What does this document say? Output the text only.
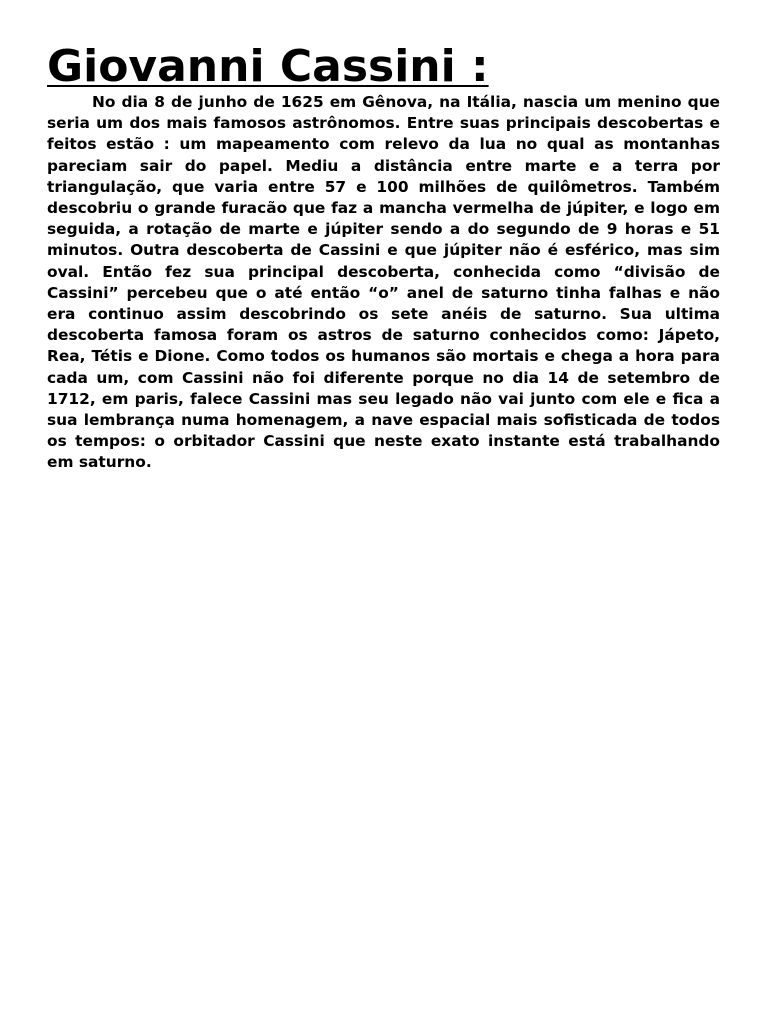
Giovanni Cassini :

No dia 8 de junho de 1625 em Gênova, na Itália, nascia um menino que seria um dos mais famosos astrônomos. Entre suas principais descobertas e feitos estão : um mapeamento com relevo da lua no qual as montanhas pareciam sair do papel. Mediu a distância entre marte e a terra por triangulação, que varia entre 57 e 100 milhões de quilômetros. Também descobriu o grande furacão que faz a mancha vermelha de júpiter, e logo em seguida, a rotação de marte e júpiter sendo a do segundo de 9 horas e 51 minutos. Outra descoberta de Cassini e que júpiter não é esférico, mas sim oval. Então fez sua principal descoberta, conhecida como “divisão de Cassini” percebeu que o até então “o” anel de saturno tinha falhas e não era continuo assim descobrindo os sete anéis de saturno. Sua ultima descoberta famosa foram os astros de saturno conhecidos como: Jápeto, Rea, Tétis e Dione. Como todos os humanos são mortais e chega a hora para cada um, com Cassini não foi diferente porque no dia 14 de setembro de 1712, em paris, falece Cassini mas seu legado não vai junto com ele e fica a sua lembrança numa homenagem, a nave espacial mais sofisticada de todos os tempos: o orbitador Cassini que neste exato instante está trabalhando em saturno.
